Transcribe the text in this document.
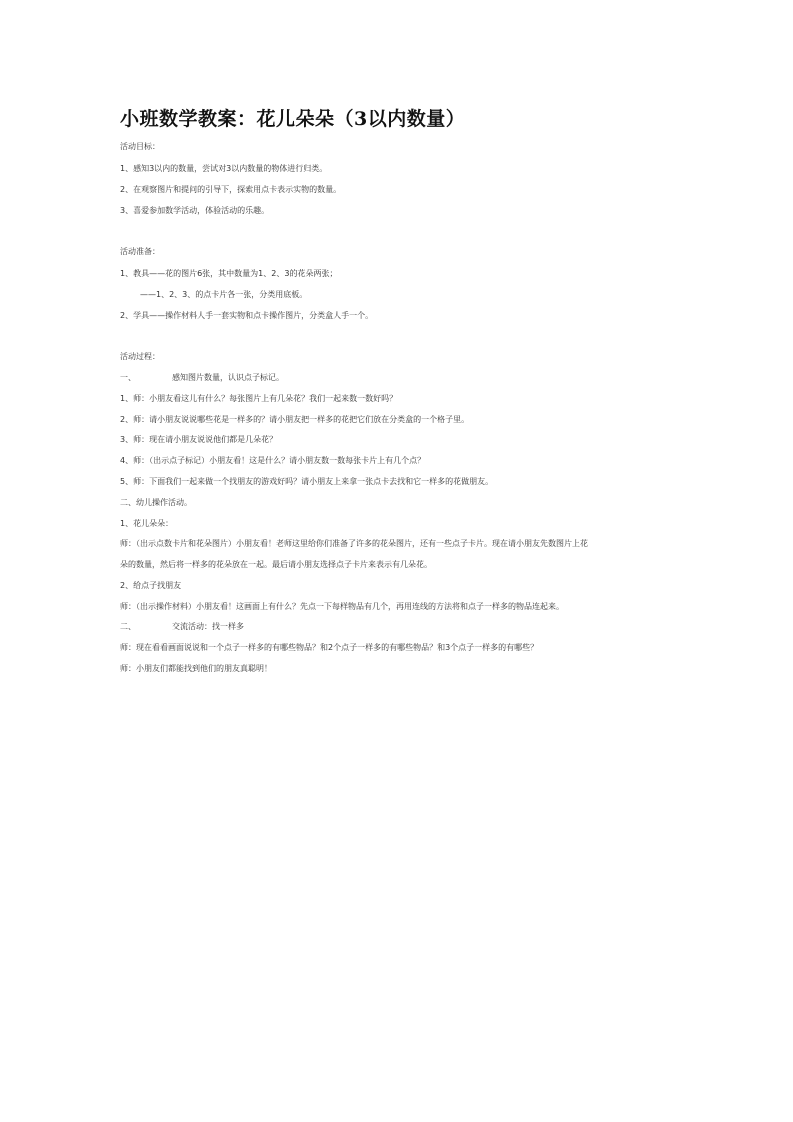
小班数学教案：花儿朵朵（3以内数量）
活动目标：
1、感知3以内的数量，尝试对3以内数量的物体进行归类。
2、在观察图片和提问的引导下，探索用点卡表示实物的数量。
3、喜爱参加数学活动，体验活动的乐趣。
活动准备：
1、教具——花的图片6张，其中数量为1、2、3的花朵两张；
——1、2、3、的点卡片各一张，分类用底板。
2、学具——操作材料人手一套实物和点卡操作图片，分类盒人手一个。
活动过程：
一、	感知图片数量，认识点子标记。
1、师：小朋友看这儿有什么？每张图片上有几朵花？我们一起来数一数好吗？
2、师：请小朋友说说哪些花是一样多的？请小朋友把一样多的花把它们放在分类盒的一个格子里。
3、师：现在请小朋友说说他们都是几朵花？
4、师：（出示点子标记）小朋友看！这是什么？请小朋友数一数每张卡片上有几个点？
5、师：下面我们一起来做一个找朋友的游戏好吗？请小朋友上来拿一张点卡去找和它一样多的花做朋友。
二、幼儿操作活动。
1、花儿朵朵：
师：（出示点数卡片和花朵图片）小朋友看！老师这里给你们准备了许多的花朵图片，还有一些点子卡片。现在请小朋友先数图片上花
朵的数量，然后将一样多的花朵放在一起。最后请小朋友选择点子卡片来表示有几朵花。
2、给点子找朋友
师：（出示操作材料）小朋友看！这画面上有什么？先点一下每样物品有几个，再用连线的方法将和点子一样多的物品连起来。
二、	交流活动：找一样多
师：现在看看画面说说和一个点子一样多的有哪些物品？和2个点子一样多的有哪些物品？和3个点子一样多的有哪些？
师：小朋友们都能找到他们的朋友真聪明！
